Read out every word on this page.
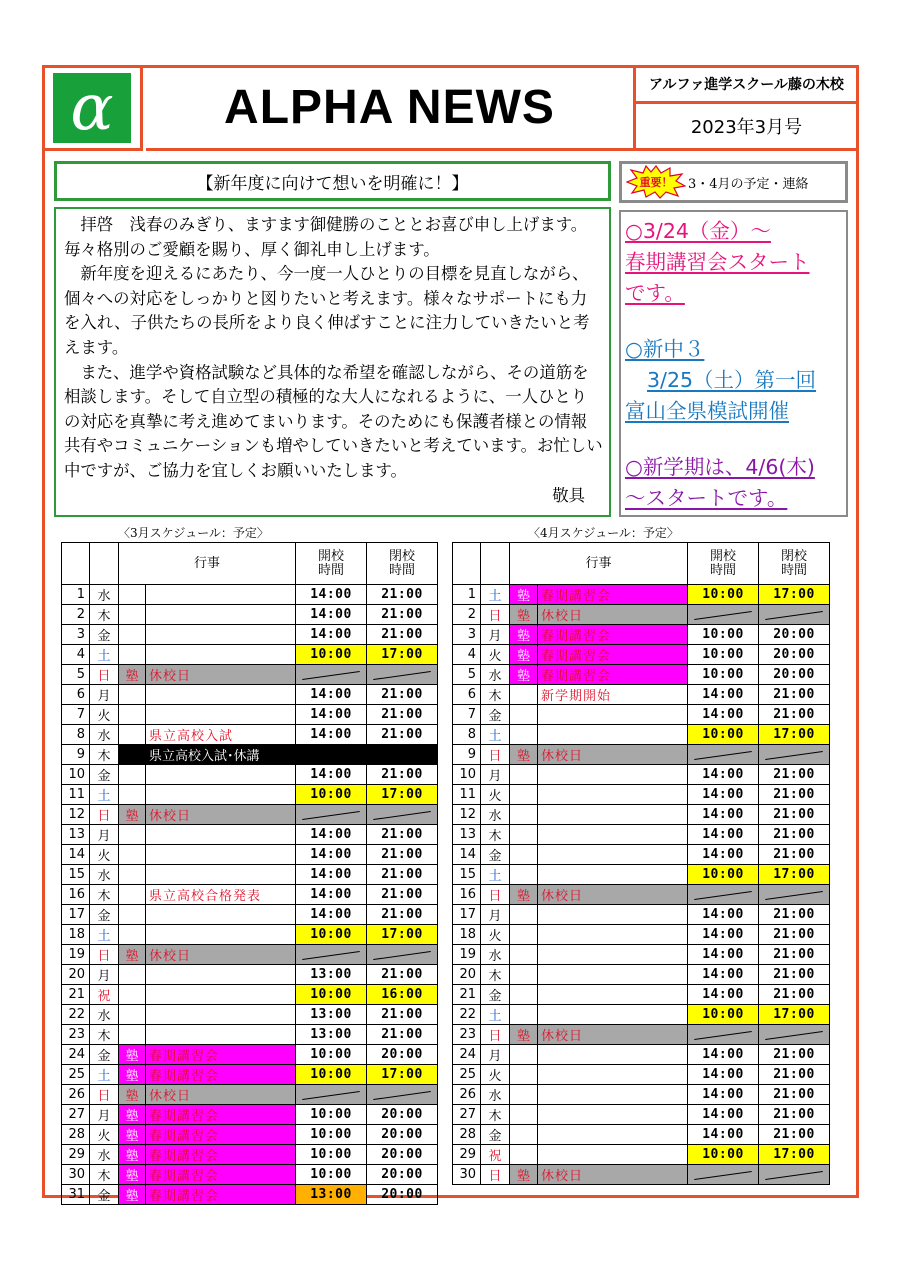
α	ALPHA NEWS	アルファ進学スクール藤の木校
2023年3月号
【新年度に向けて想いを明確に！】

拝啓　浅春のみぎり、ますます御健勝のこととお喜び申し上げます。毎々格別のご愛顧を賜り、厚く御礼申し上げます。

新年度を迎えるにあたり、今一度一人ひとりの目標を見直しながら、個々への対応をしっかりと図りたいと考えます。様々なサポートにも力を入れ、子供たちの長所をより良く伸ばすことに注力していきたいと考えます。

また、進学や資格試験など具体的な希望を確認しながら、その道筋を相談します。そして自立型の積極的な大人になれるように、一人ひとりの対応を真摯に考え進めてまいります。そのためにも保護者様との情報共有やコミュニケーションも増やしていきたいと考えています。お忙しい中ですが、ご協力を宜しくお願いいたします。

敬具

重要！ 3・4月の予定・連絡
○3/24（金）～
春期講習会スタート
です。
○新中３
3/25（土）第一回
富山全県模試開催
○新学期は、4/6(木)
～スタートです。
〈3月スケジュール：予定〉	〈4月スケジュール：予定〉
		行事		開校
時間	閉校
時間
1	水			14:00	21:00
2	木			14:00	21:00
3	金			14:00	21:00
4	土			10:00	17:00
5	日	塾	休校日		
6	月			14:00	21:00
7	火			14:00	21:00
8	水		県立高校入試	14:00	21:00
9	木	県立高校入試･休講			
10	金			14:00	21:00
11	土			10:00	17:00
12	日	塾	休校日		
13	月			14:00	21:00
14	火			14:00	21:00
15	水			14:00	21:00
16	木		県立高校合格発表	14:00	21:00
17	金			14:00	21:00
18	土			10:00	17:00
19	日	塾	休校日		
20	月			13:00	21:00
21	祝			10:00	16:00
22	水			13:00	21:00
23	木			13:00	21:00
24	金	塾	春期講習会	10:00	20:00
25	土	塾	春期講習会	10:00	17:00
26	日	塾	休校日		
27	月	塾	春期講習会	10:00	20:00
28	火	塾	春期講習会	10:00	20:00
29	水	塾	春期講習会	10:00	20:00
30	木	塾	春期講習会	10:00	20:00
31	金	塾	春期講習会	13:00	20:00
		行事		開校
時間	閉校
時間
1	土	塾	春期講習会	10:00	17:00
2	日	塾	休校日		
3	月	塾	春期講習会	10:00	20:00
4	火	塾	春期講習会	10:00	20:00
5	水	塾	春期講習会	10:00	20:00
6	木		新学期開始	14:00	21:00
7	金			14:00	21:00
8	土			10:00	17:00
9	日	塾	休校日		
10	月			14:00	21:00
11	火			14:00	21:00
12	水			14:00	21:00
13	木			14:00	21:00
14	金			14:00	21:00
15	土			10:00	17:00
16	日	塾	休校日		
17	月			14:00	21:00
18	火			14:00	21:00
19	水			14:00	21:00
20	木			14:00	21:00
21	金			14:00	21:00
22	土			10:00	17:00
23	日	塾	休校日		
24	月			14:00	21:00
25	火			14:00	21:00
26	水			14:00	21:00
27	木			14:00	21:00
28	金			14:00	21:00
29	祝			10:00	17:00
30	日	塾	休校日		
